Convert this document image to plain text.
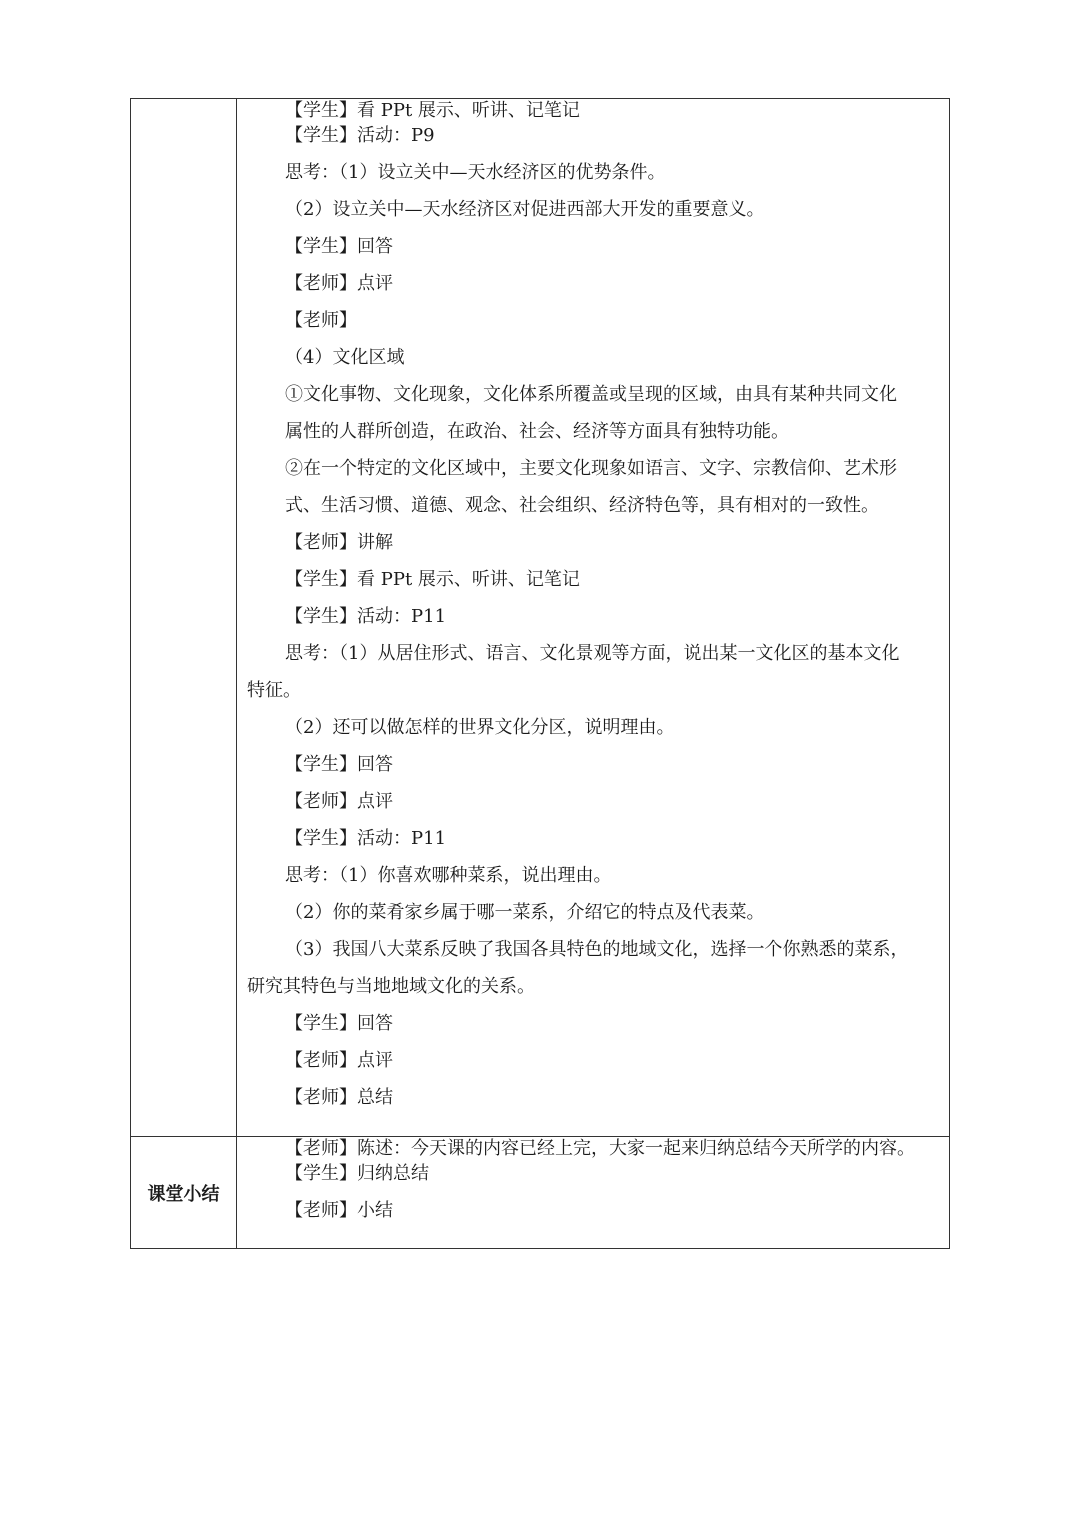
【学生】看 PPt 展示、听讲、记笔记
【学生】活动：P9
思考：（1）设立关中—天水经济区的优势条件。
（2）设立关中—天水经济区对促进西部大开发的重要意义。
【学生】回答
【老师】点评
【老师】
（4）文化区域
①文化事物、文化现象，文化体系所覆盖或呈现的区域，由具有某种共同文化
属性的人群所创造，在政治、社会、经济等方面具有独特功能。
②在一个特定的文化区域中，主要文化现象如语言、文字、宗教信仰、艺术形
式、生活习惯、道德、观念、社会组织、经济特色等，具有相对的一致性。
【老师】讲解
【学生】看 PPt 展示、听讲、记笔记
【学生】活动：P11
思考：（1）从居住形式、语言、文化景观等方面，说出某一文化区的基本文化
特征。
（2）还可以做怎样的世界文化分区，说明理由。
【学生】回答
【老师】点评
【学生】活动：P11
思考：（1）你喜欢哪种菜系，说出理由。
（2）你的菜肴家乡属于哪一菜系，介绍它的特点及代表菜。
（3）我国八大菜系反映了我国各具特色的地域文化，选择一个你熟悉的菜系，
研究其特色与当地地域文化的关系。
【学生】回答
【老师】点评
【老师】总结
课堂小结
【老师】陈述：今天课的内容已经上完，大家一起来归纳总结今天所学的内容。
【学生】归纳总结
【老师】小结
